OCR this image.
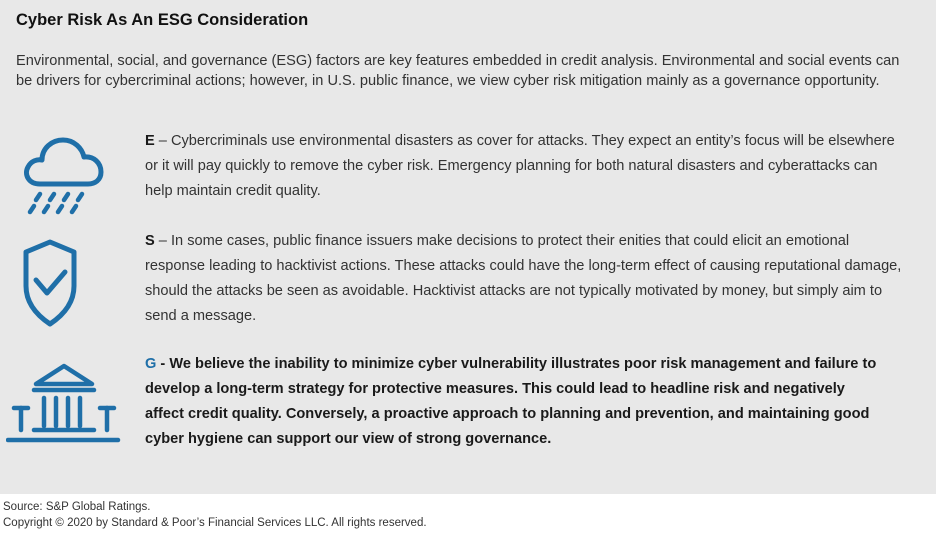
Cyber Risk As An ESG Consideration
Environmental, social, and governance (ESG) factors are key features embedded in credit analysis. Environmental and social events can be drivers for cybercriminal actions; however, in U.S. public finance, we view cyber risk mitigation mainly as a governance opportunity.
E – Cybercriminals use environmental disasters as cover for attacks. They expect an entity’s focus will be elsewhere or it will pay quickly to remove the cyber risk. Emergency planning for both natural disasters and cyberattacks can help maintain credit quality.
S – In some cases, public finance issuers make decisions to protect their enities that could elicit an emotional response leading to hacktivist actions. These attacks could have the long-term effect of causing reputational damage, should the attacks be seen as avoidable. Hacktivist attacks are not typically motivated by money, but simply aim to send a message.
G - We believe the inability to minimize cyber vulnerability illustrates poor risk management and failure to develop a long-term strategy for protective measures. This could lead to headline risk and negatively affect credit quality. Conversely, a proactive approach to planning and prevention, and maintaining good cyber hygiene can support our view of strong governance.
Source: S&P Global Ratings.
Copyright © 2020 by Standard & Poor’s Financial Services LLC. All rights reserved.
